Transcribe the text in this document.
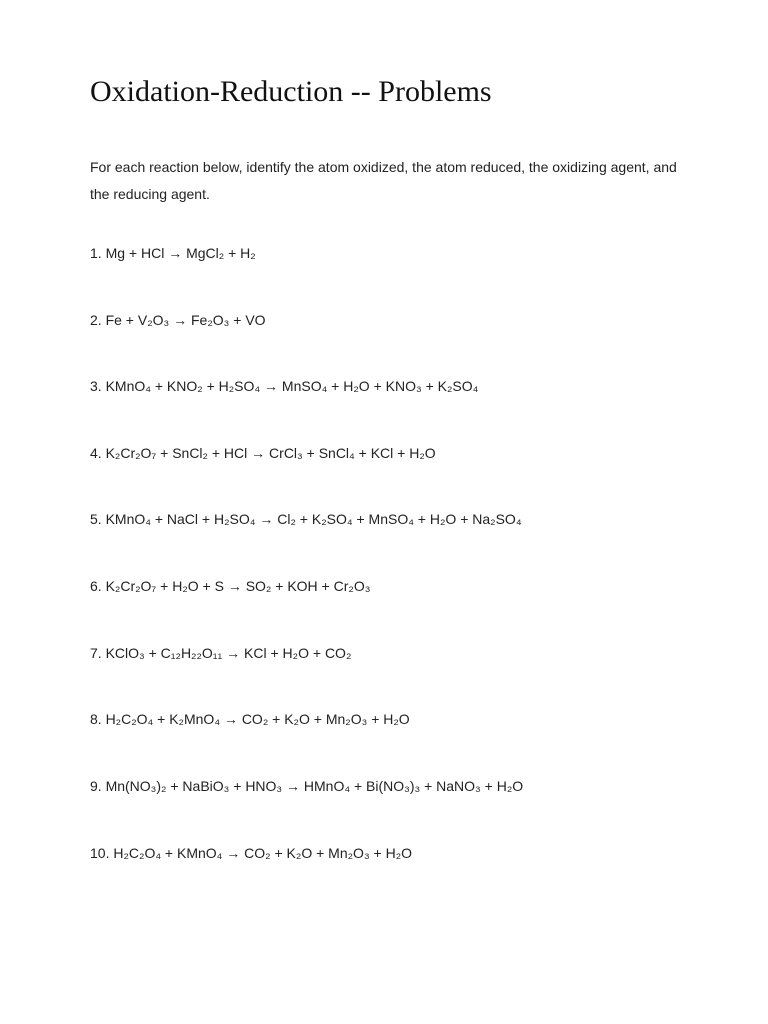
Oxidation-Reduction -- Problems

For each reaction below, identify the atom oxidized, the atom reduced, the oxidizing agent, and the reducing agent.

1. Mg + HCl → MgCl₂ + H₂
2. Fe + V₂O₃ → Fe₂O₃ + VO
3. KMnO₄ + KNO₂ + H₂SO₄ → MnSO₄ + H₂O + KNO₃ + K₂SO₄
4. K₂Cr₂O₇ + SnCl₂ + HCl → CrCl₃ + SnCl₄ + KCl + H₂O
5. KMnO₄ + NaCl + H₂SO₄ → Cl₂ + K₂SO₄ + MnSO₄ + H₂O + Na₂SO₄
6. K₂Cr₂O₇ + H₂O + S → SO₂ + KOH + Cr₂O₃
7. KClO₃ + C₁₂H₂₂O₁₁ → KCl + H₂O + CO₂
8. H₂C₂O₄ + K₂MnO₄ → CO₂ + K₂O + Mn₂O₃ + H₂O
9. Mn(NO₃)₂ + NaBiO₃ + HNO₃ → HMnO₄ + Bi(NO₃)₃ + NaNO₃ + H₂O
10. H₂C₂O₄ + KMnO₄ → CO₂ + K₂O + Mn₂O₃ + H₂O
